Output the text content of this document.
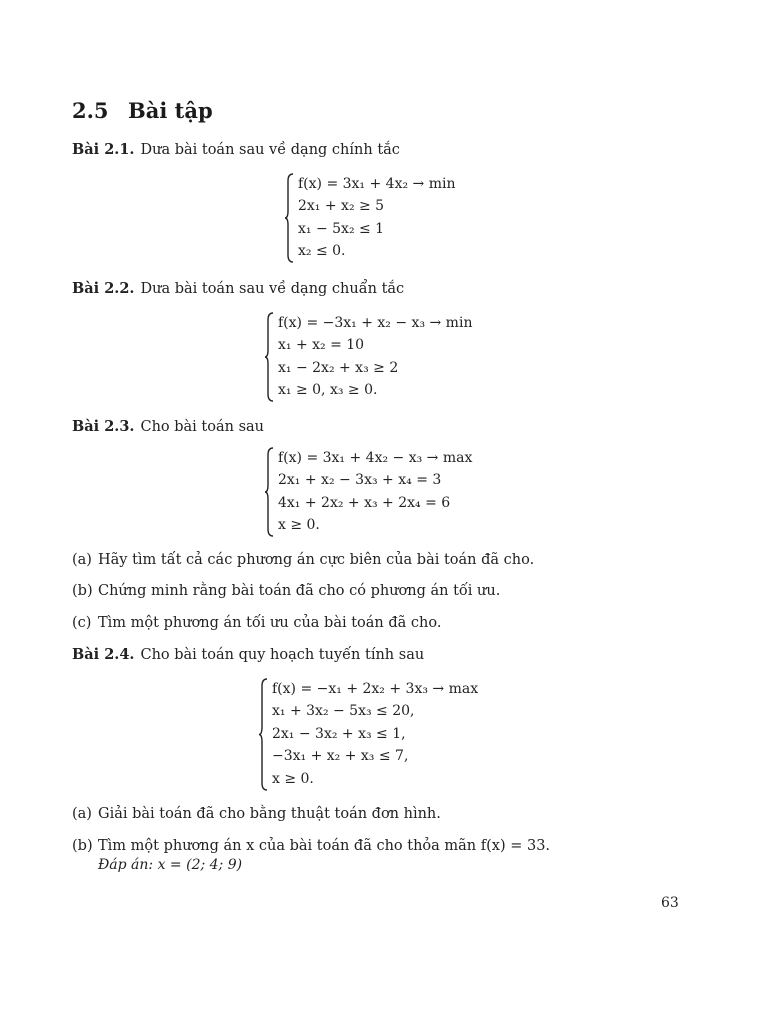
2.5 Bài tập
Bài 2.1. Dưa bài toán sau về dạng chính tắc
f(x) = 3x₁ + 4x₂ → min
2x₁ + x₂ ≥ 5
x₁ − 5x₂ ≤ 1
x₂ ≤ 0.
Bài 2.2. Dưa bài toán sau về dạng chuẩn tắc
f(x) = −3x₁ + x₂ − x₃ → min
x₁ + x₂ = 10
x₁ − 2x₂ + x₃ ≥ 2
x₁ ≥ 0, x₃ ≥ 0.
Bài 2.3. Cho bài toán sau
f(x) = 3x₁ + 4x₂ − x₃ → max
2x₁ + x₂ − 3x₃ + x₄ = 3
4x₁ + 2x₂ + x₃ + 2x₄ = 6
x ≥ 0.
(a) Hãy tìm tất cả các phương án cực biên của bài toán đã cho.
(b) Chứng minh rằng bài toán đã cho có phương án tối ưu.
(c) Tìm một phương án tối ưu của bài toán đã cho.
Bài 2.4. Cho bài toán quy hoạch tuyến tính sau
f(x) = −x₁ + 2x₂ + 3x₃ → max
x₁ + 3x₂ − 5x₃ ≤ 20,
2x₁ − 3x₂ + x₃ ≤ 1,
−3x₁ + x₂ + x₃ ≤ 7,
x ≥ 0.
(a) Giải bài toán đã cho bằng thuật toán đơn hình.
(b) Tìm một phương án x của bài toán đã cho thỏa mãn f(x) = 33.
Đáp án: x = (2; 4; 9)
63
